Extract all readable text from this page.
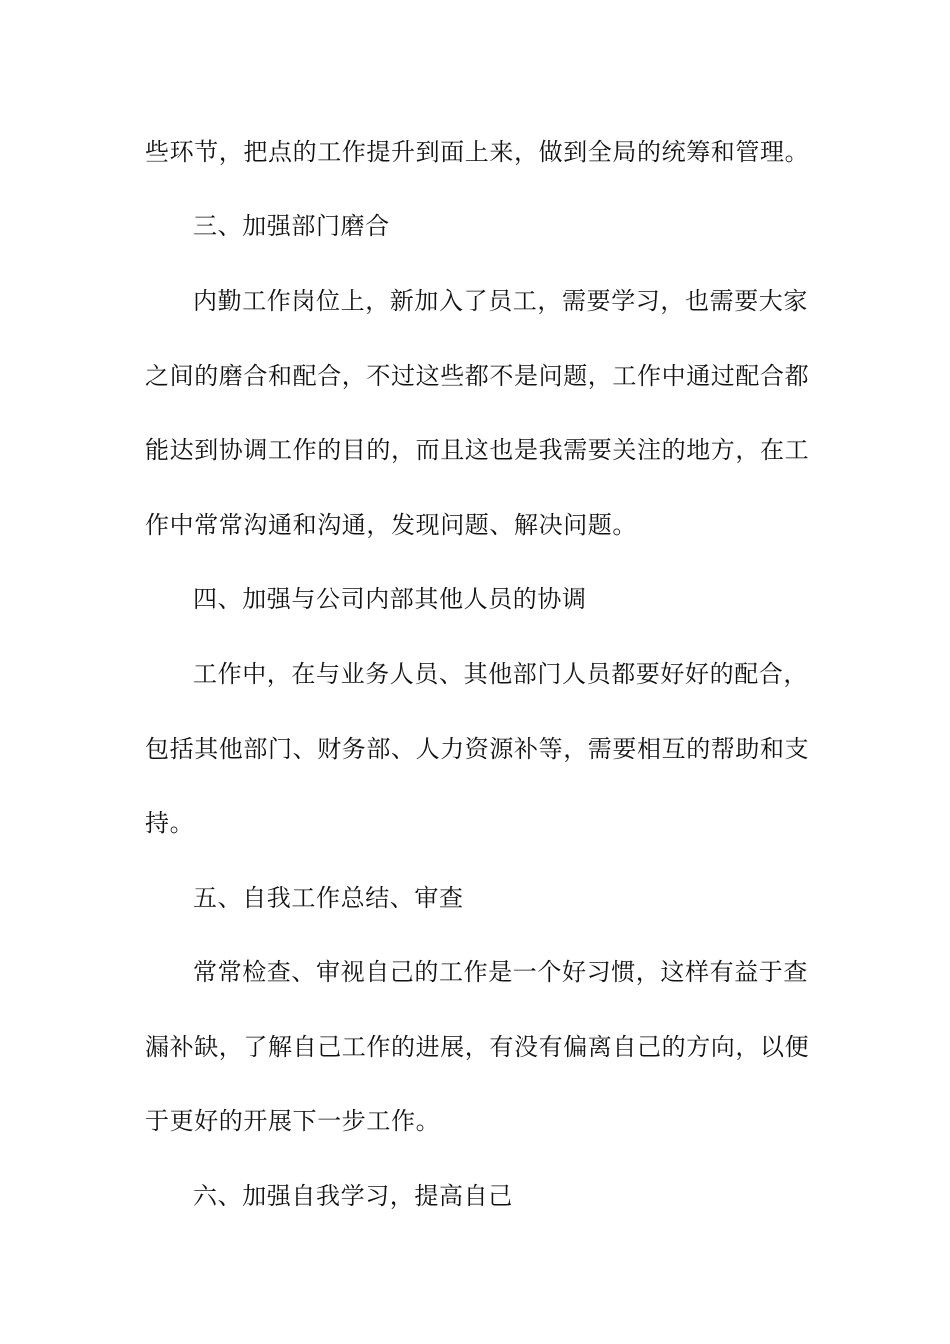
些环节，把点的工作提升到面上来，做到全局的统筹和管理。
三、加强部门磨合
内勤工作岗位上，新加入了员工，需要学习，也需要大家
之间的磨合和配合，不过这些都不是问题，工作中通过配合都
能达到协调工作的目的，而且这也是我需要关注的地方，在工
作中常常沟通和沟通，发现问题、解决问题。
四、加强与公司内部其他人员的协调
工作中，在与业务人员、其他部门人员都要好好的配合，
包括其他部门、财务部、人力资源补等，需要相互的帮助和支
持。
五、自我工作总结、审查
常常检查、审视自己的工作是一个好习惯，这样有益于查
漏补缺，了解自己工作的进展，有没有偏离自己的方向，以便
于更好的开展下一步工作。
六、加强自我学习，提高自己
